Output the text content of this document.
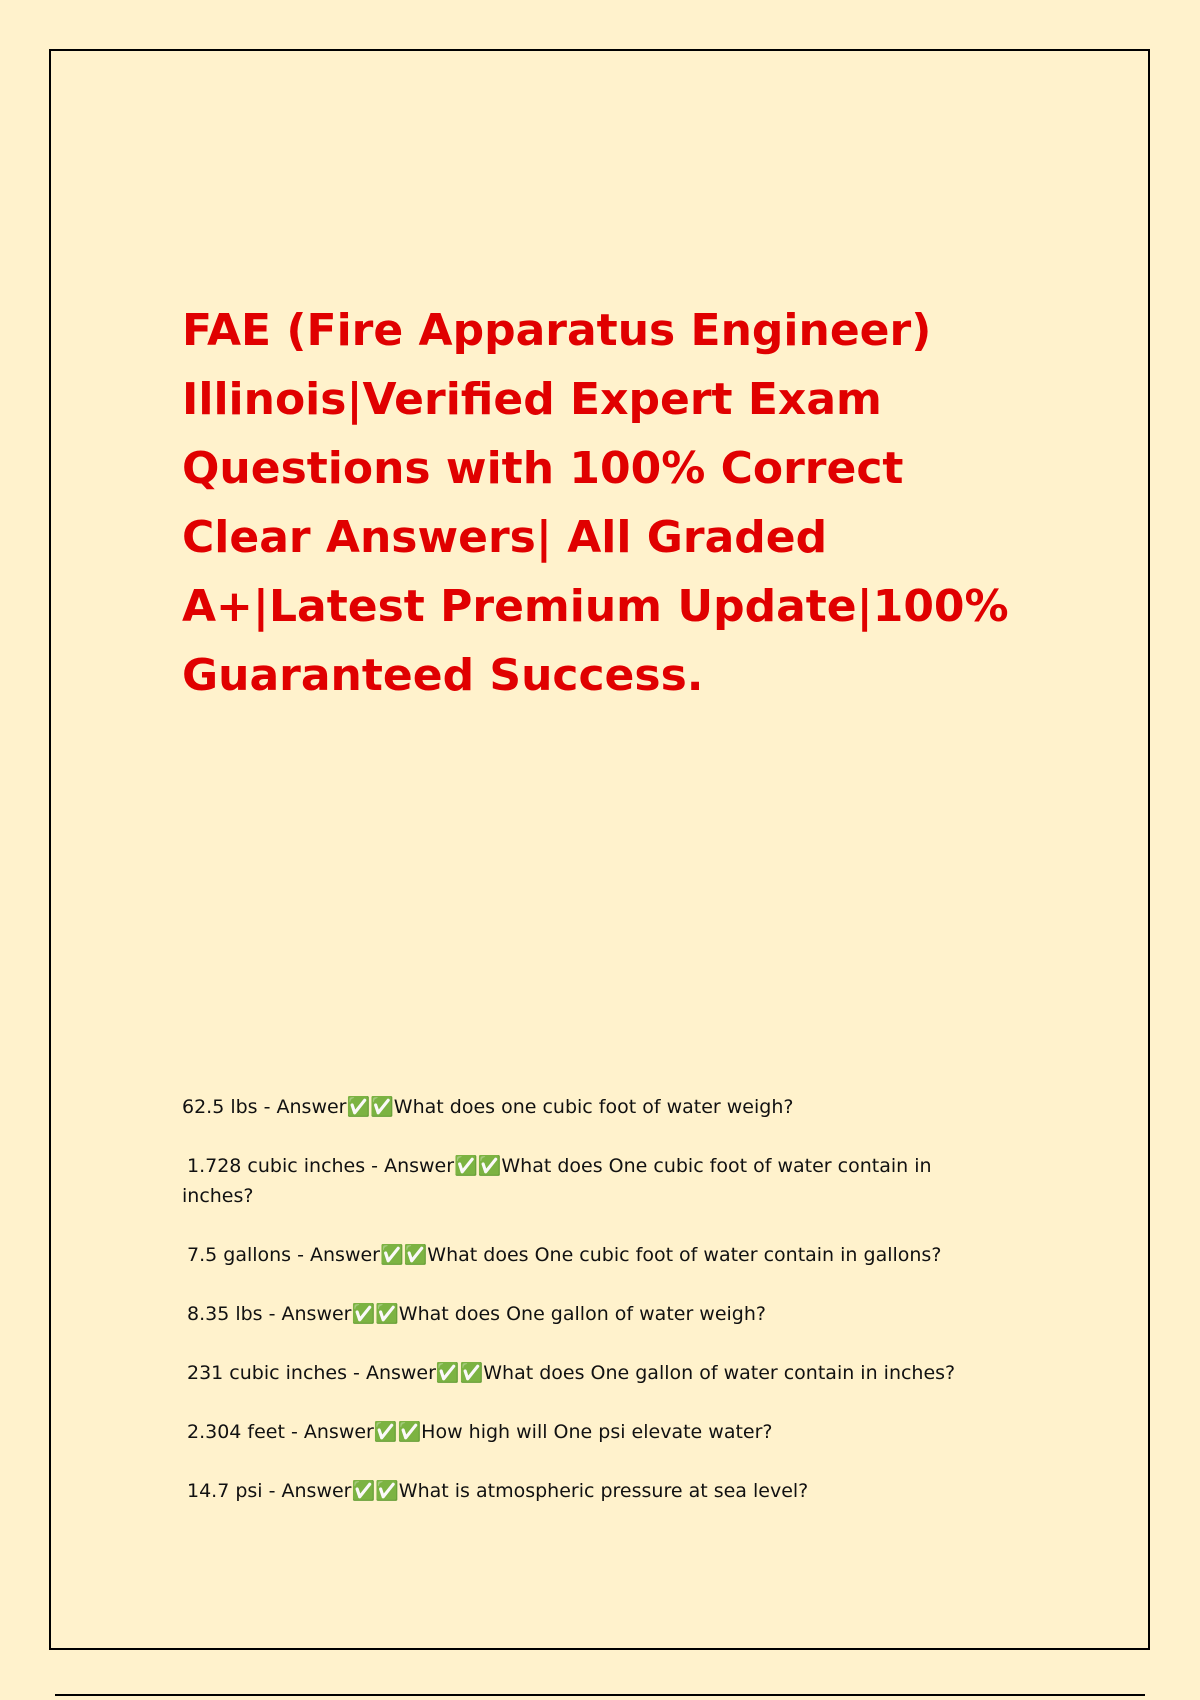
FAE (Fire Apparatus Engineer) Illinois|Verified Expert Exam Questions with 100% Correct Clear Answers| All Graded A+|Latest Premium Update|100% Guaranteed Success.
62.5 lbs - Answer✅✅What does one cubic foot of water weigh?
1.728 cubic inches - Answer✅✅What does One cubic foot of water contain in inches?
7.5 gallons - Answer✅✅What does One cubic foot of water contain in gallons?
8.35 lbs - Answer✅✅What does One gallon of water weigh?
231 cubic inches - Answer✅✅What does One gallon of water contain in inches?
2.304 feet - Answer✅✅How high will One psi elevate water?
14.7 psi - Answer✅✅What is atmospheric pressure at sea level?
